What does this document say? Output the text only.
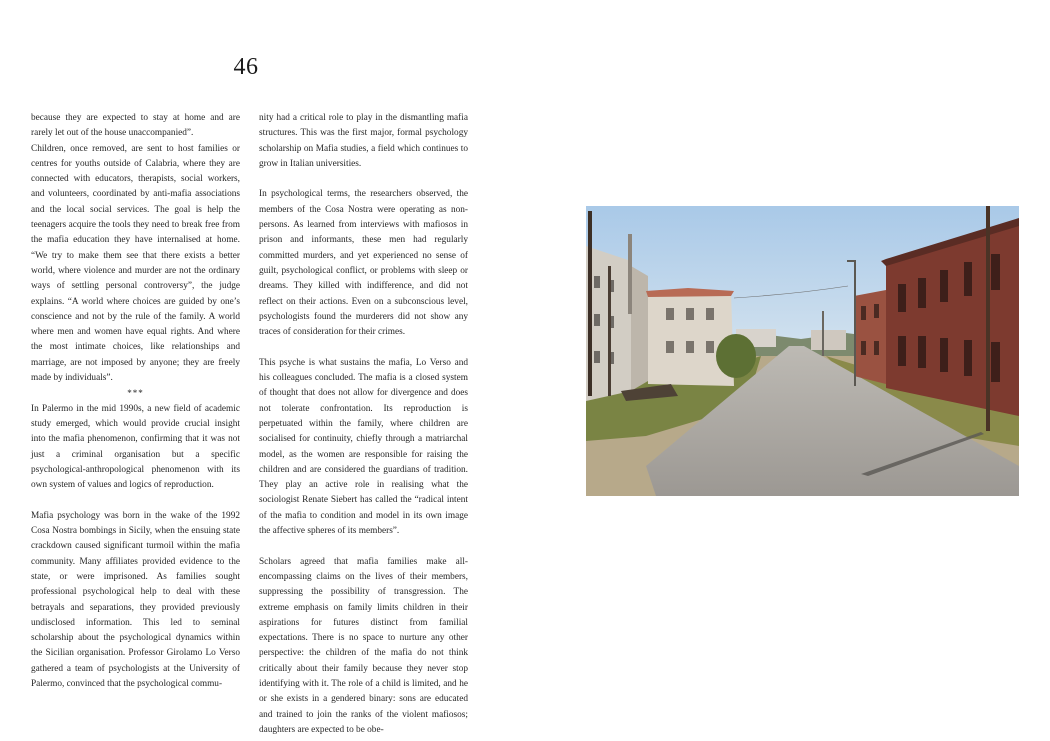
46

because they are expected to stay at home and are rarely let out of the house unaccompanied”.

Children, once removed, are sent to host families or centres for youths outside of Calabria, where they are connected with educators, therapists, social workers, and volunteers, coordinated by anti-mafia associations and the local social services. The goal is help the teenagers acquire the tools they need to break free from the mafia education they have internalised at home. “We try to make them see that there exists a better world, where violence and murder are not the ordinary ways of settling personal controversy”, the judge explains. “A world where choices are guided by one’s conscience and not by the rule of the family. A world where men and women have equal rights. And where the most intimate choices, like relationships and marriage, are not imposed by anyone; they are freely made by individuals”.

***

In Palermo in the mid 1990s, a new field of academic study emerged, which would provide crucial insight into the mafia phenomenon, confirming that it was not just a criminal organisation but a specific psychological-anthropological phenomenon with its own system of values and logics of reproduction.

Mafia psychology was born in the wake of the 1992 Cosa Nostra bombings in Sicily, when the ensuing state crackdown caused significant turmoil within the mafia community. Many affiliates provided evidence to the state, or were imprisoned. As families sought professional psychological help to deal with these betrayals and separations, they provided previously undisclosed information. This led to seminal scholarship about the psychological dynamics within the Sicilian organisation. Professor Girolamo Lo Verso gathered a team of psychologists at the University of Palermo, convinced that the psychological commu-

nity had a critical role to play in the dismantling mafia structures. This was the first major, formal psychology scholarship on Mafia studies, a field which continues to grow in Italian universities.

In psychological terms, the researchers observed, the members of the Cosa Nostra were operating as non-persons. As learned from interviews with mafiosos in prison and informants, these men had regularly committed murders, and yet experienced no sense of guilt, psychological conflict, or problems with sleep or dreams. They killed with indifference, and did not reflect on their actions. Even on a subconscious level, psychologists found the murderers did not show any traces of consideration for their crimes.

This psyche is what sustains the mafia, Lo Verso and his colleagues concluded. The mafia is a closed system of thought that does not allow for divergence and does not tolerate confrontation. Its reproduction is perpetuated within the family, where children are socialised for continuity, chiefly through a matriarchal model, as the women are responsible for raising the children and are considered the guardians of tradition. They play an active role in realising what the sociologist Renate Siebert has called the “radical intent of the mafia to condition and model in its own image the affective spheres of its members”.

Scholars agreed that mafia families make all-encompassing claims on the lives of their members, suppressing the possibility of transgression. The extreme emphasis on family limits children in their aspirations for futures distinct from familial expectations. There is no space to nurture any other perspective: the children of the mafia do not think critically about their family because they never stop identifying with it. The role of a child is limited, and he or she exists in a gendered binary: sons are educated and trained to join the ranks of the violent mafiosos; daughters are expected to be obe-
